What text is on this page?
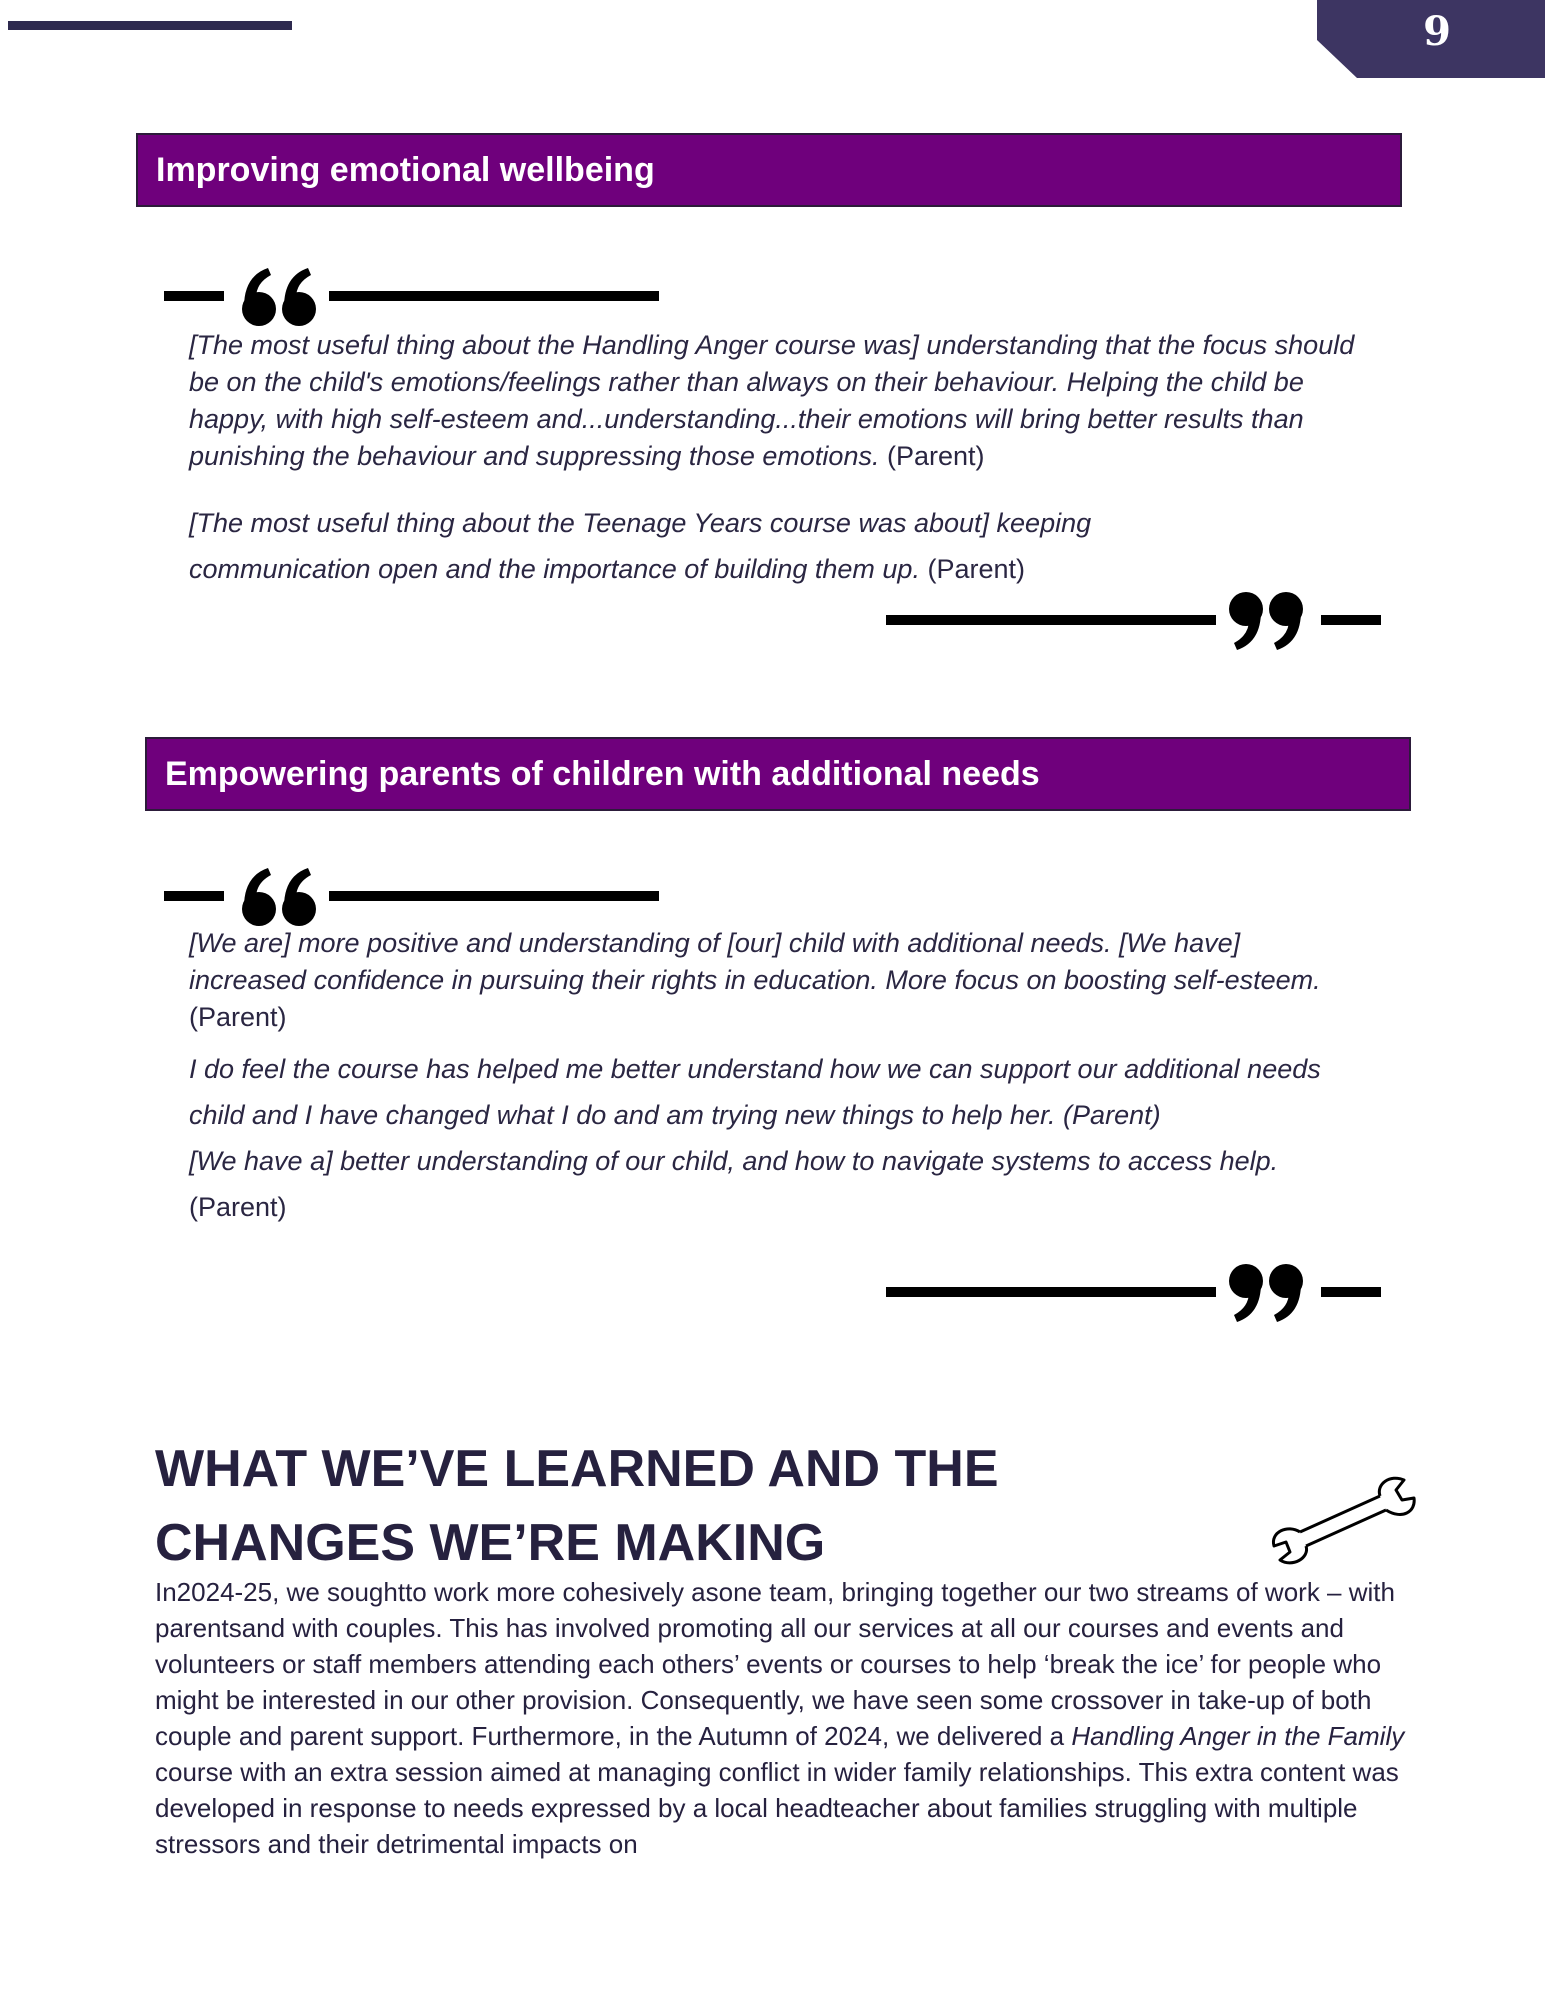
9
Improving emotional wellbeing
[The most useful thing about the Handling Anger course was] understanding that the focus should be on the child's emotions/feelings rather than always on their behaviour. Helping the child be happy, with high self-esteem and...understanding...their emotions will bring better results than punishing the behaviour and suppressing those emotions. (Parent)
[The most useful thing about the Teenage Years course was about] keeping communication open and the importance of building them up. (Parent)
Empowering parents of children with additional needs
[We are] more positive and understanding of [our] child with additional needs. [We have] increased confidence in pursuing their rights in education. More focus on boosting self-esteem. (Parent)
I do feel the course has helped me better understand how we can support our additional needs child and I have changed what I do and am trying new things to help her. (Parent)
[We have a] better understanding of our child, and how to navigate systems to access help. (Parent)
WHAT WE’VE LEARNED AND THE CHANGES WE’RE MAKING
In2024-25, we soughtto work more cohesively asone team, bringing together our two streams of work – with parentsand with couples. This has involved promoting all our services at all our courses and events and volunteers or staff members attending each others’ events or courses to help ‘break the ice’ for people who might be interested in our other provision. Consequently, we have seen some crossover in take-up of both couple and parent support. Furthermore, in the Autumn of 2024, we delivered a Handling Anger in the Family course with an extra session aimed at managing conflict in wider family relationships. This extra content was developed in response to needs expressed by a local headteacher about families struggling with multiple stressors and their detrimental impacts on
